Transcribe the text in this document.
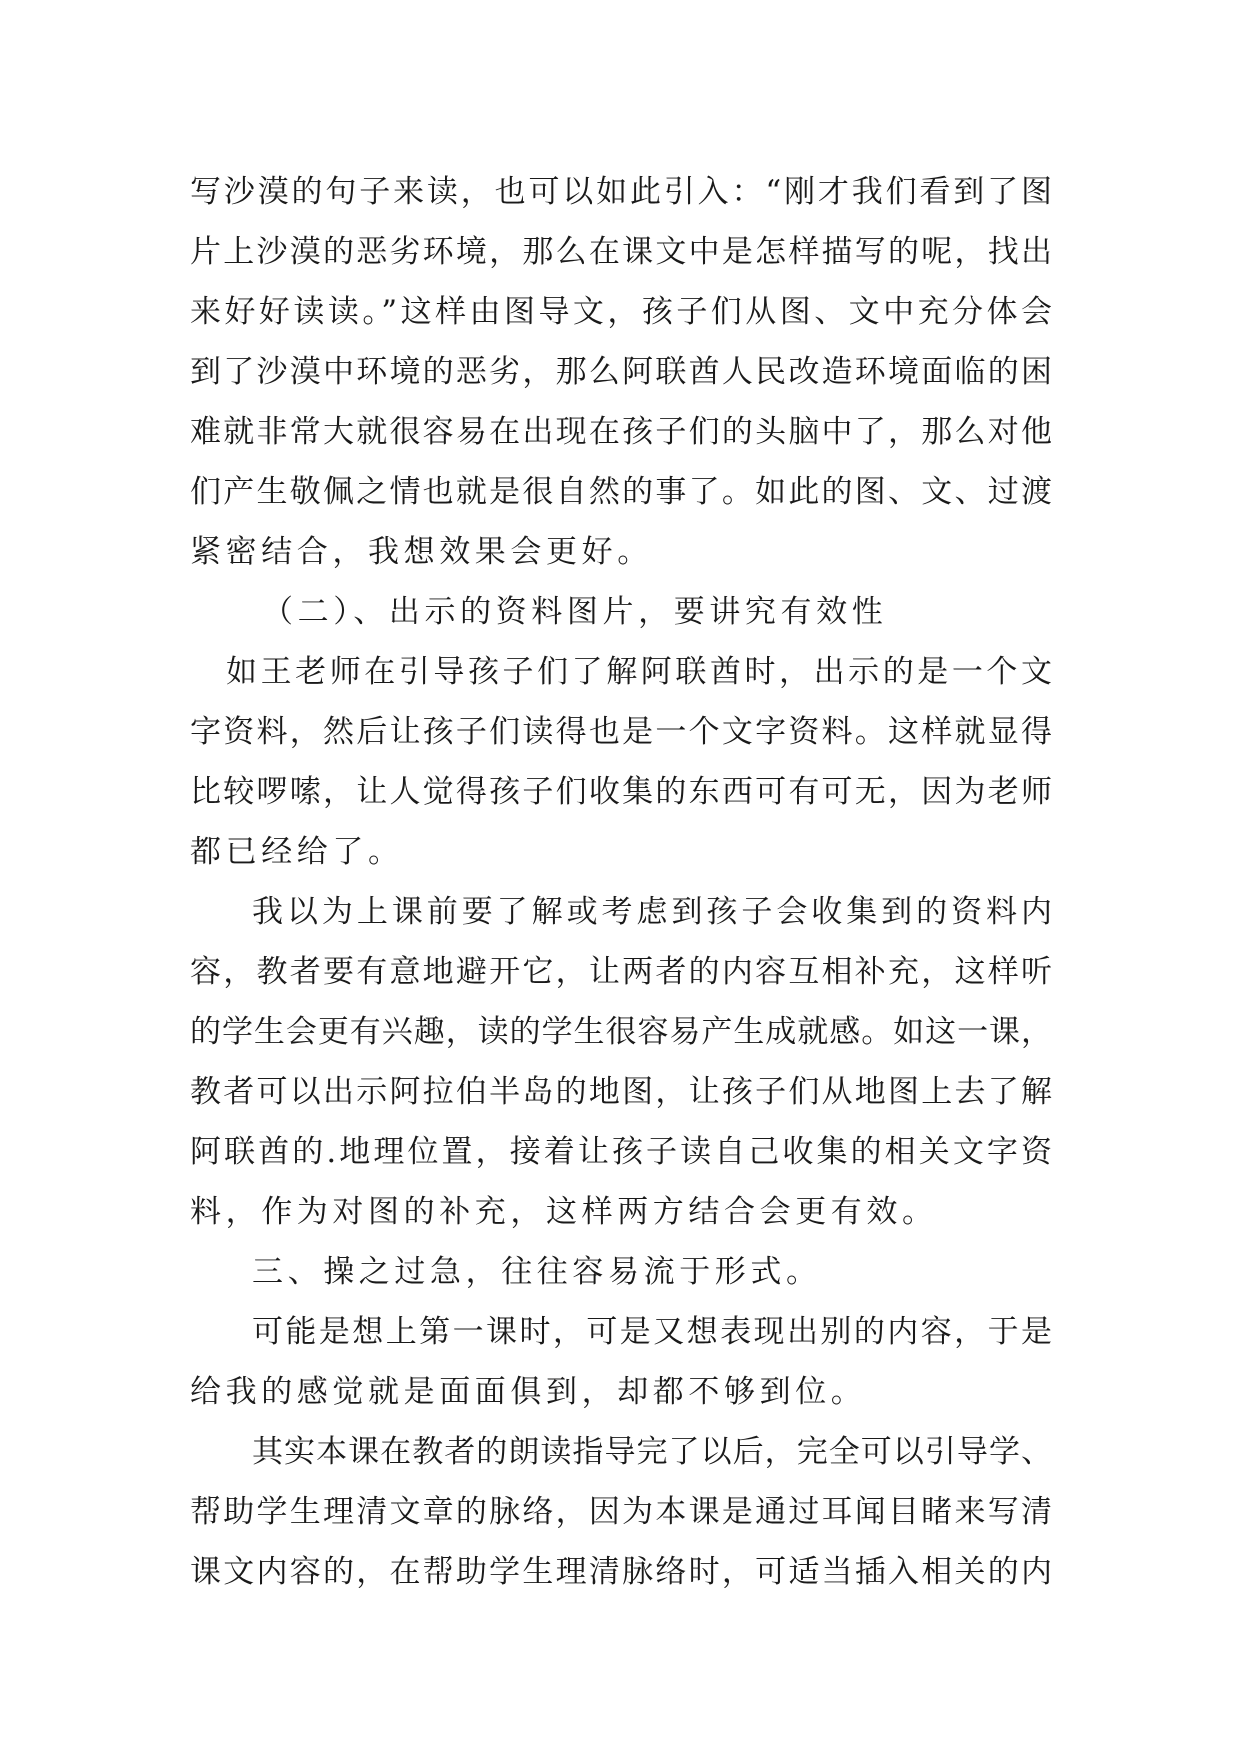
写沙漠的句子来读，也可以如此引入：“刚才我们看到了图
片上沙漠的恶劣环境，那么在课文中是怎样描写的呢，找出
来好好读读。”这样由图导文，孩子们从图、文中充分体会
到了沙漠中环境的恶劣，那么阿联酋人民改造环境面临的困
难就非常大就很容易在出现在孩子们的头脑中了，那么对他
们产生敬佩之情也就是很自然的事了。如此的图、文、过渡
紧密结合，我想效果会更好。
（二）、出示的资料图片，要讲究有效性
如王老师在引导孩子们了解阿联酋时，出示的是一个文
字资料，然后让孩子们读得也是一个文字资料。这样就显得
比较啰嗦，让人觉得孩子们收集的东西可有可无，因为老师
都已经给了。
我以为上课前要了解或考虑到孩子会收集到的资料内
容，教者要有意地避开它，让两者的内容互相补充，这样听
的学生会更有兴趣，读的学生很容易产生成就感。如这一课，
教者可以出示阿拉伯半岛的地图，让孩子们从地图上去了解
阿联酋的.地理位置，接着让孩子读自己收集的相关文字资
料，作为对图的补充，这样两方结合会更有效。
三、操之过急，往往容易流于形式。
可能是想上第一课时，可是又想表现出别的内容，于是
给我的感觉就是面面俱到，却都不够到位。
其实本课在教者的朗读指导完了以后，完全可以引导学、
帮助学生理清文章的脉络，因为本课是通过耳闻目睹来写清
课文内容的，在帮助学生理清脉络时，可适当插入相关的内
